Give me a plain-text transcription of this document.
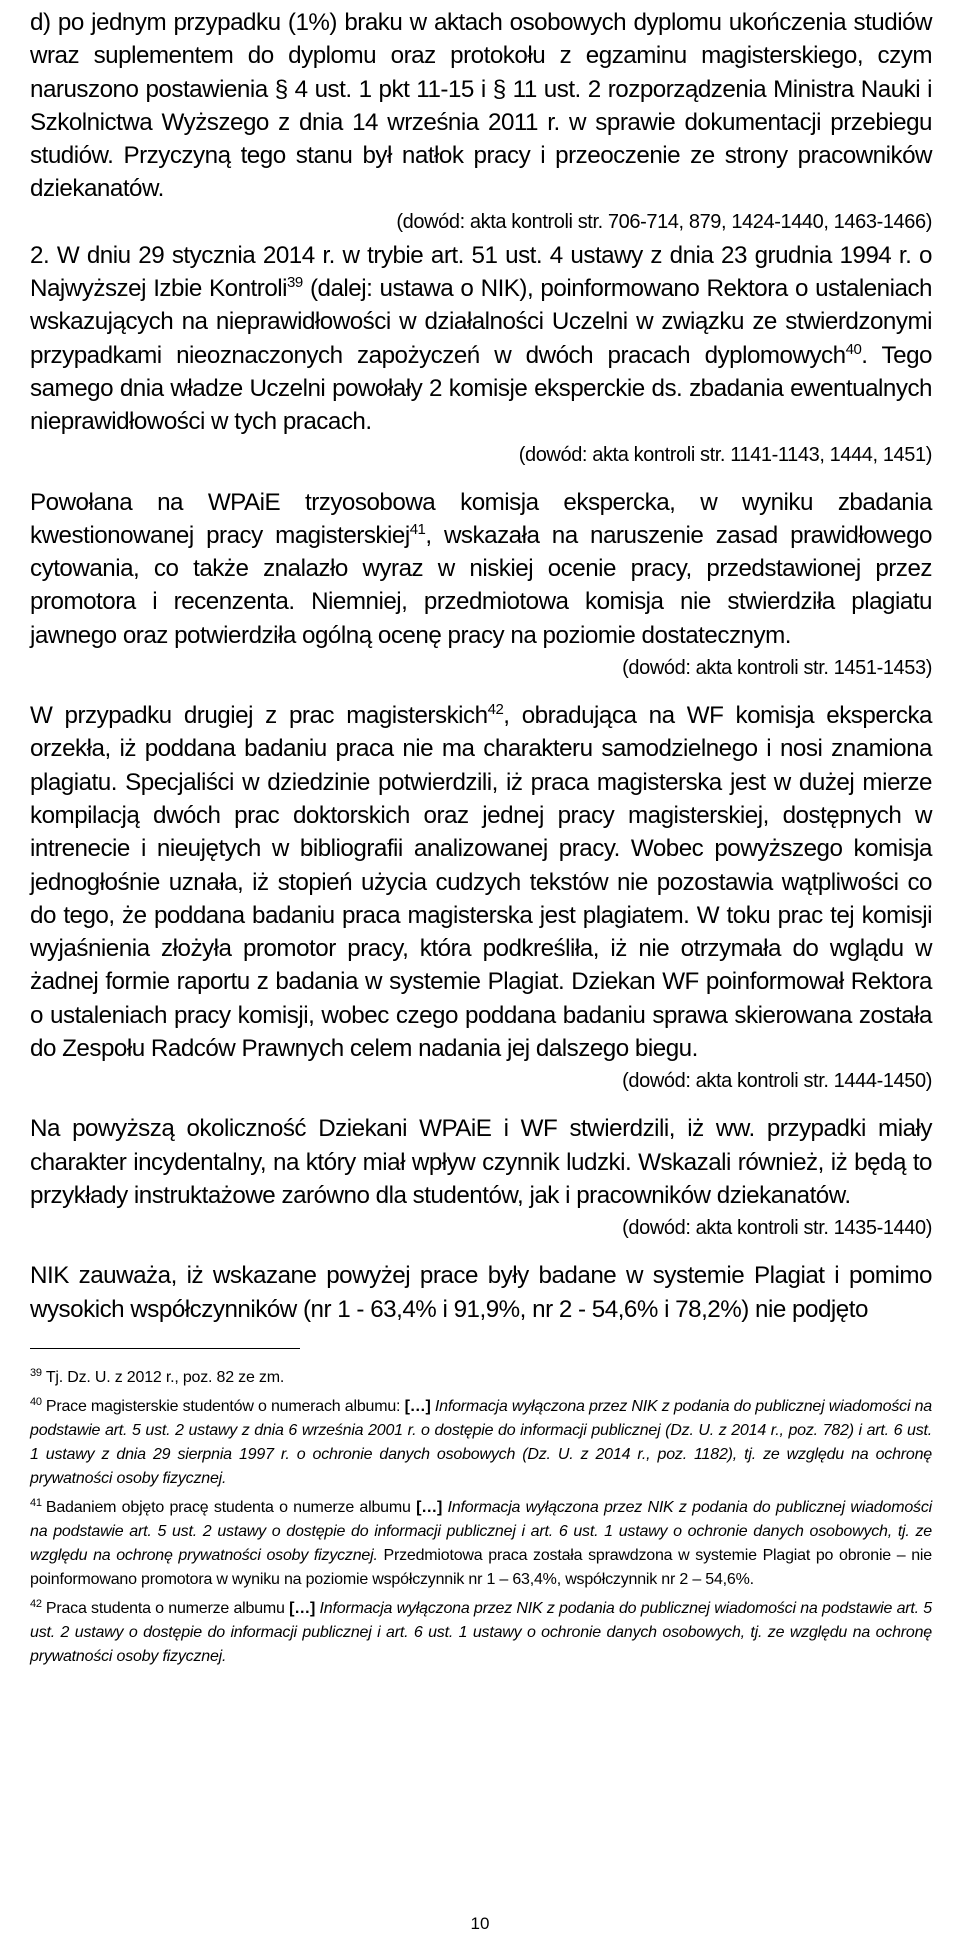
d) po jednym przypadku (1%) braku w aktach osobowych dyplomu ukończenia studiów wraz suplementem do dyplomu oraz protokołu z egzaminu magisterskiego, czym naruszono postawienia § 4 ust. 1 pkt 11-15 i § 11 ust. 2 rozporządzenia Ministra Nauki i Szkolnictwa Wyższego z dnia 14 września 2011 r. w sprawie dokumentacji przebiegu studiów. Przyczyną tego stanu był natłok pracy i przeoczenie ze strony pracowników dziekanatów.

(dowód: akta kontroli str. 706-714, 879, 1424-1440, 1463-1466)

2. W dniu 29 stycznia 2014 r. w trybie art. 51 ust. 4 ustawy z dnia 23 grudnia 1994 r. o Najwyższej Izbie Kontroli$^{39}$ (dalej: ustawa o NIK), poinformowano Rektora o ustaleniach wskazujących na nieprawidłowości w działalności Uczelni w związku ze stwierdzonymi przypadkami nieoznaczonych zapożyczeń w dwóch pracach dyplomowych$^{40}$. Tego samego dnia władze Uczelni powołały 2 komisje eksperckie ds. zbadania ewentualnych nieprawidłowości w tych pracach.

(dowód: akta kontroli str. 1141-1143, 1444, 1451)

Powołana na WPAiE trzyosobowa komisja ekspercka, w wyniku zbadania kwestionowanej pracy magisterskiej$^{41}$, wskazała na naruszenie zasad prawidłowego cytowania, co także znalazło wyraz w niskiej ocenie pracy, przedstawionej przez promotora i recenzenta. Niemniej, przedmiotowa komisja nie stwierdziła plagiatu jawnego oraz potwierdziła ogólną ocenę pracy na poziomie dostatecznym.

(dowód: akta kontroli str. 1451-1453)

W przypadku drugiej z prac magisterskich$^{42}$, obradująca na WF komisja ekspercka orzekła, iż poddana badaniu praca nie ma charakteru samodzielnego i nosi znamiona plagiatu. Specjaliści w dziedzinie potwierdzili, iż praca magisterska jest w dużej mierze kompilacją dwóch prac doktorskich oraz jednej pracy magisterskiej, dostępnych w intrenecie i nieujętych w bibliografii analizowanej pracy. Wobec powyższego komisja jednogłośnie uznała, iż stopień użycia cudzych tekstów nie pozostawia wątpliwości co do tego, że poddana badaniu praca magisterska jest plagiatem. W toku prac tej komisji wyjaśnienia złożyła promotor pracy, która podkreśliła, iż nie otrzymała do wglądu w żadnej formie raportu z badania w systemie Plagiat. Dziekan WF poinformował Rektora o ustaleniach pracy komisji, wobec czego poddana badaniu sprawa skierowana została do Zespołu Radców Prawnych celem nadania jej dalszego biegu.

(dowód: akta kontroli str. 1444-1450)

Na powyższą okoliczność Dziekani WPAiE i WF stwierdzili, iż ww. przypadki miały charakter incydentalny, na który miał wpływ czynnik ludzki. Wskazali również, iż będą to przykłady instruktażowe zarówno dla studentów, jak i pracowników dziekanatów.

(dowód: akta kontroli str. 1435-1440)

NIK zauważa, iż wskazane powyżej prace były badane w systemie Plagiat i pomimo wysokich współczynników (nr 1 - 63,4% i 91,9%, nr 2 - 54,6% i 78,2%) nie podjęto

$^{39}$ Tj. Dz. U. z 2012 r., poz. 82 ze zm.

$^{40}$ Prace magisterskie studentów o numerach albumu: […] Informacja wyłączona przez NIK z podania do publicznej wiadomości na podstawie art. 5 ust. 2 ustawy z dnia 6 września 2001 r. o dostępie do informacji publicznej (Dz. U. z 2014 r., poz. 782) i art. 6 ust. 1 ustawy z dnia 29 sierpnia 1997 r. o ochronie danych osobowych (Dz. U. z 2014 r., poz. 1182), tj. ze względu na ochronę prywatności osoby fizycznej.

$^{41}$ Badaniem objęto pracę studenta o numerze albumu […] Informacja wyłączona przez NIK z podania do publicznej wiadomości na podstawie art. 5 ust. 2 ustawy o dostępie do informacji publicznej i art. 6 ust. 1 ustawy o ochronie danych osobowych, tj. ze względu na ochronę prywatności osoby fizycznej. Przedmiotowa praca została sprawdzona w systemie Plagiat po obronie – nie poinformowano promotora w wyniku na poziomie współczynnik nr 1 – 63,4%, współczynnik nr 2 – 54,6%.

$^{42}$ Praca studenta o numerze albumu […] Informacja wyłączona przez NIK z podania do publicznej wiadomości na podstawie art. 5 ust. 2 ustawy o dostępie do informacji publicznej i art. 6 ust. 1 ustawy o ochronie danych osobowych, tj. ze względu na ochronę prywatności osoby fizycznej.

10
